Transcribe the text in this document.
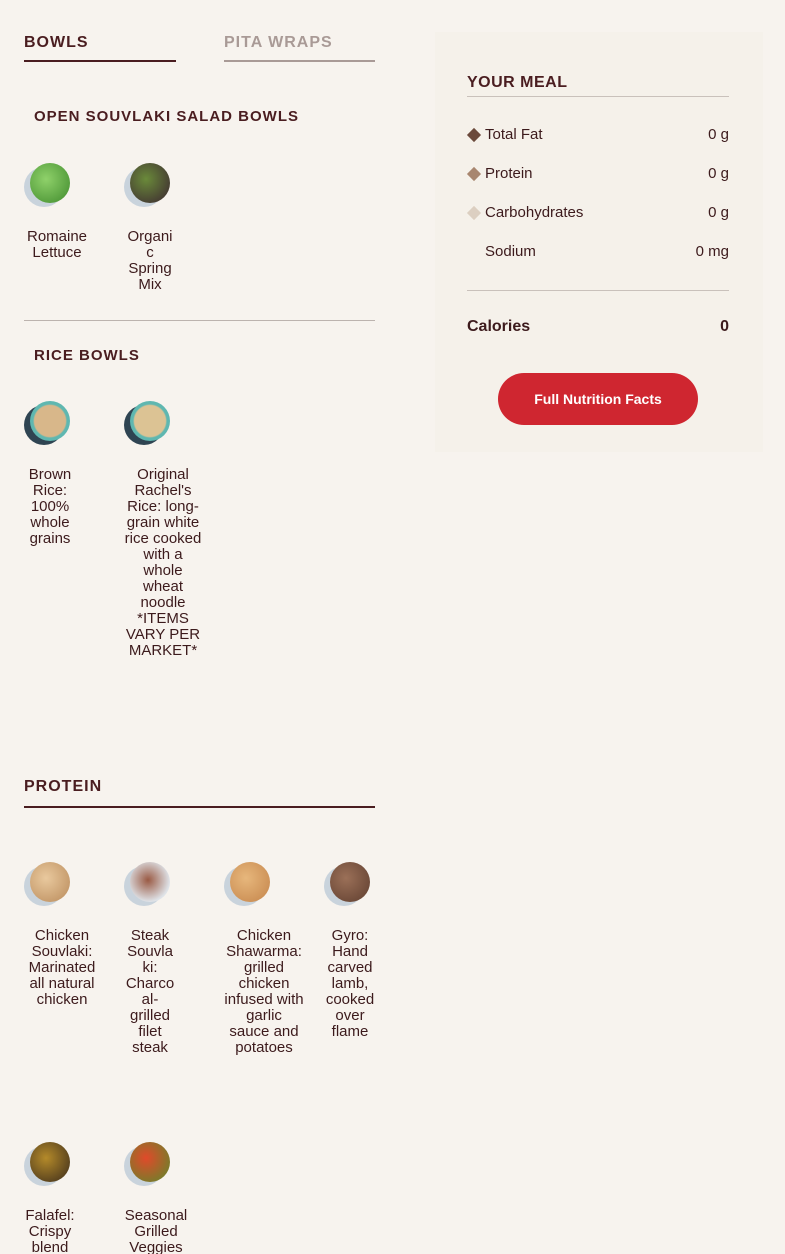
BOWLS	PITA WRAPS
OPEN SOUVLAKI SALAD BOWLS
Romaine Lettuce
Organic Spring Mix
RICE BOWLS
Brown Rice: 100% whole grains
Original Rachel's Rice: long-grain white rice cooked with a whole wheat noodle *ITEMS VARY PER MARKET*
PROTEIN
Chicken Souvlaki: Marinated all natural chicken
Steak Souvlaki: Charcoal-grilled filet steak
Chicken Shawarma: grilled chicken infused with garlic sauce and potatoes
Gyro: Hand carved lamb, cooked over flame
Falafel: Crispy blend
Seasonal Grilled Veggies
YOUR MEAL
Total Fat	0 g
Protein	0 g
Carbohydrates	0 g
Sodium	0 mg
Calories	0
Full Nutrition Facts
